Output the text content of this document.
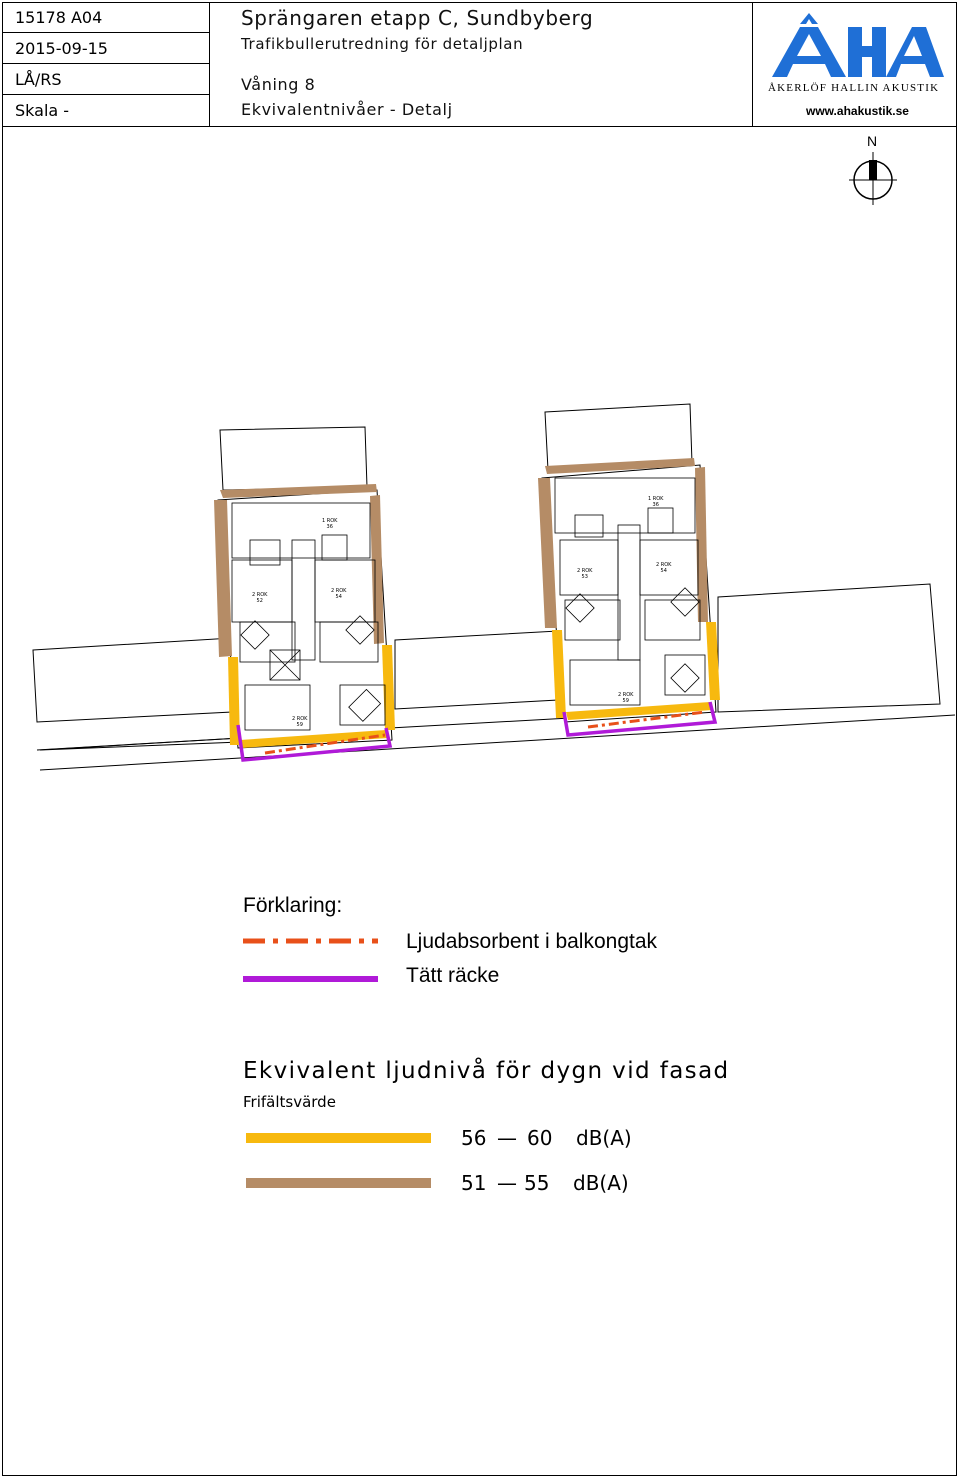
15178 A04
2015-09-15
LÅ/RS
Skala -
Sprängaren etapp C, Sundbyberg
Trafikbullerutredning för detaljplan
Våning 8
Ekvivalentnivåer - Detalj
ÅKERLÖF HALLIN AKUSTIK
www.ahakustik.se
N
1 ROK
36
2 ROK
52
2 ROK
54
2 ROK
59
1 ROK
36
2 ROK
53
2 ROK
54
2 ROK
59
Förklaring:
Ljudabsorbent i balkongtak
Tätt räcke
Ekvivalent ljudnivå för dygn vid fasad
Frifältsvärde
56 — 60 dB(A)
51 — 55 dB(A)
